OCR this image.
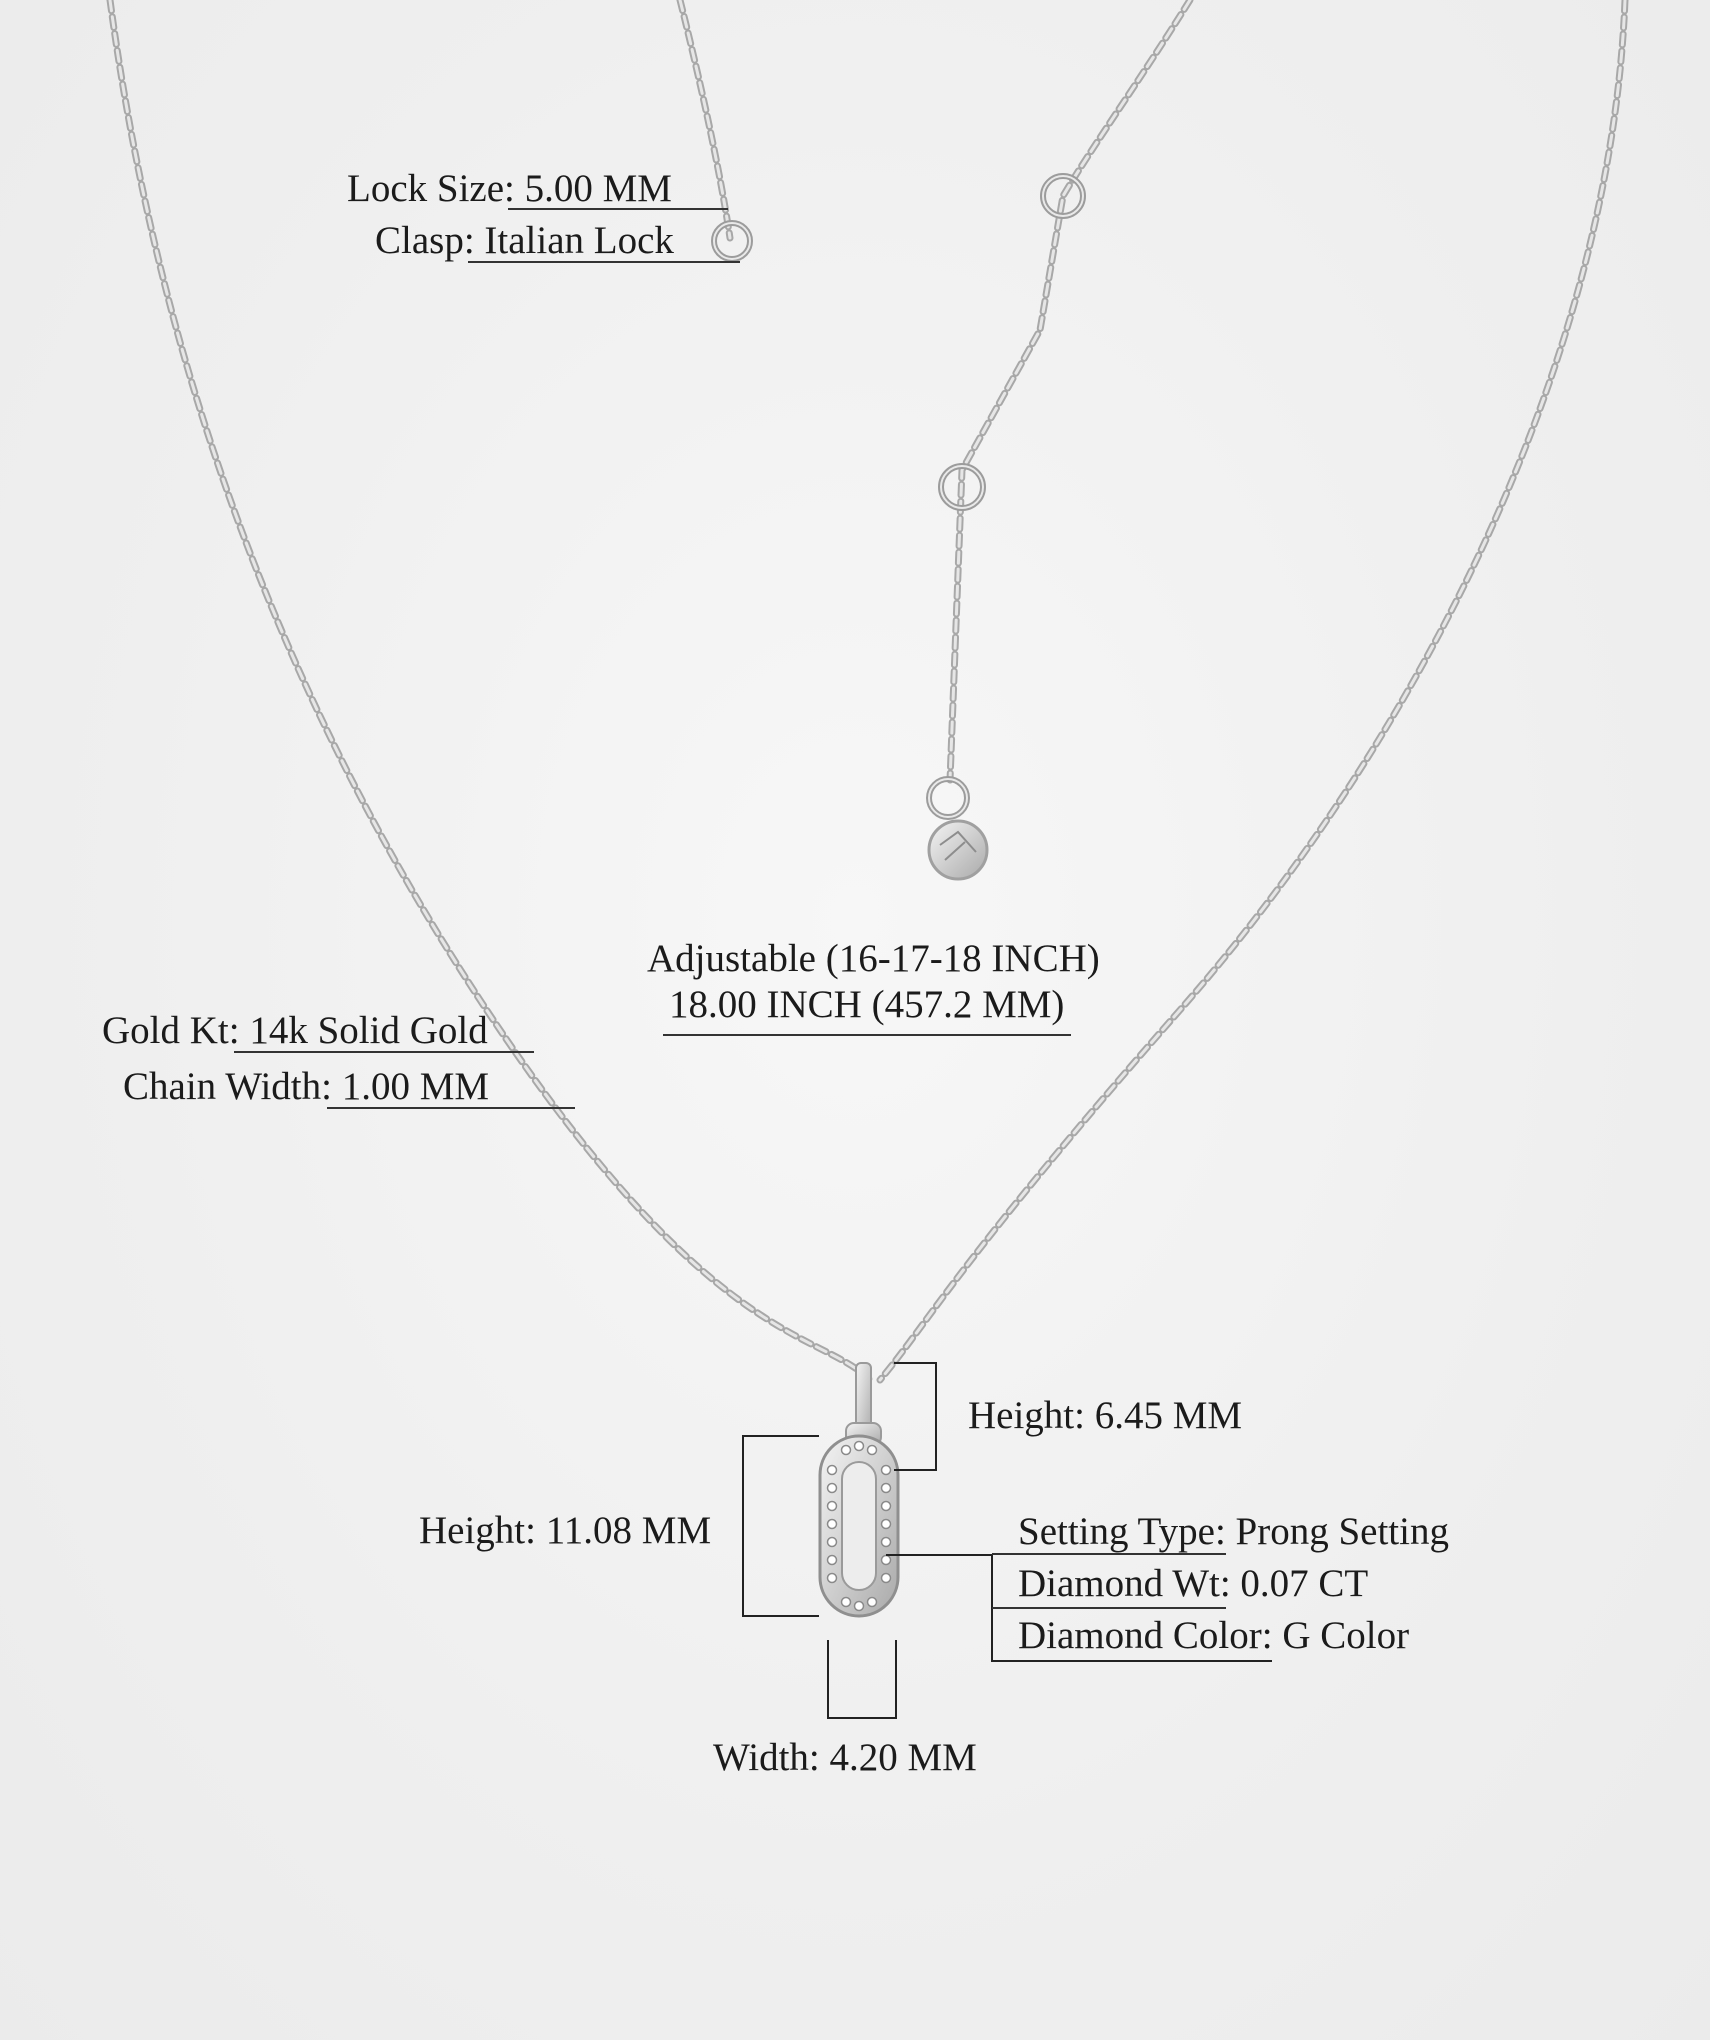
Lock Size: 5.00 MM
Clasp: Italian Lock
Adjustable (16-17-18 INCH)
18.00 INCH (457.2 MM)
Gold Kt: 14k Solid Gold
Chain Width: 1.00 MM
Height: 6.45 MM
Height: 11.08 MM
Width: 4.20 MM
Setting Type: Prong Setting
Diamond Wt: 0.07 CT
Diamond Color: G Color
